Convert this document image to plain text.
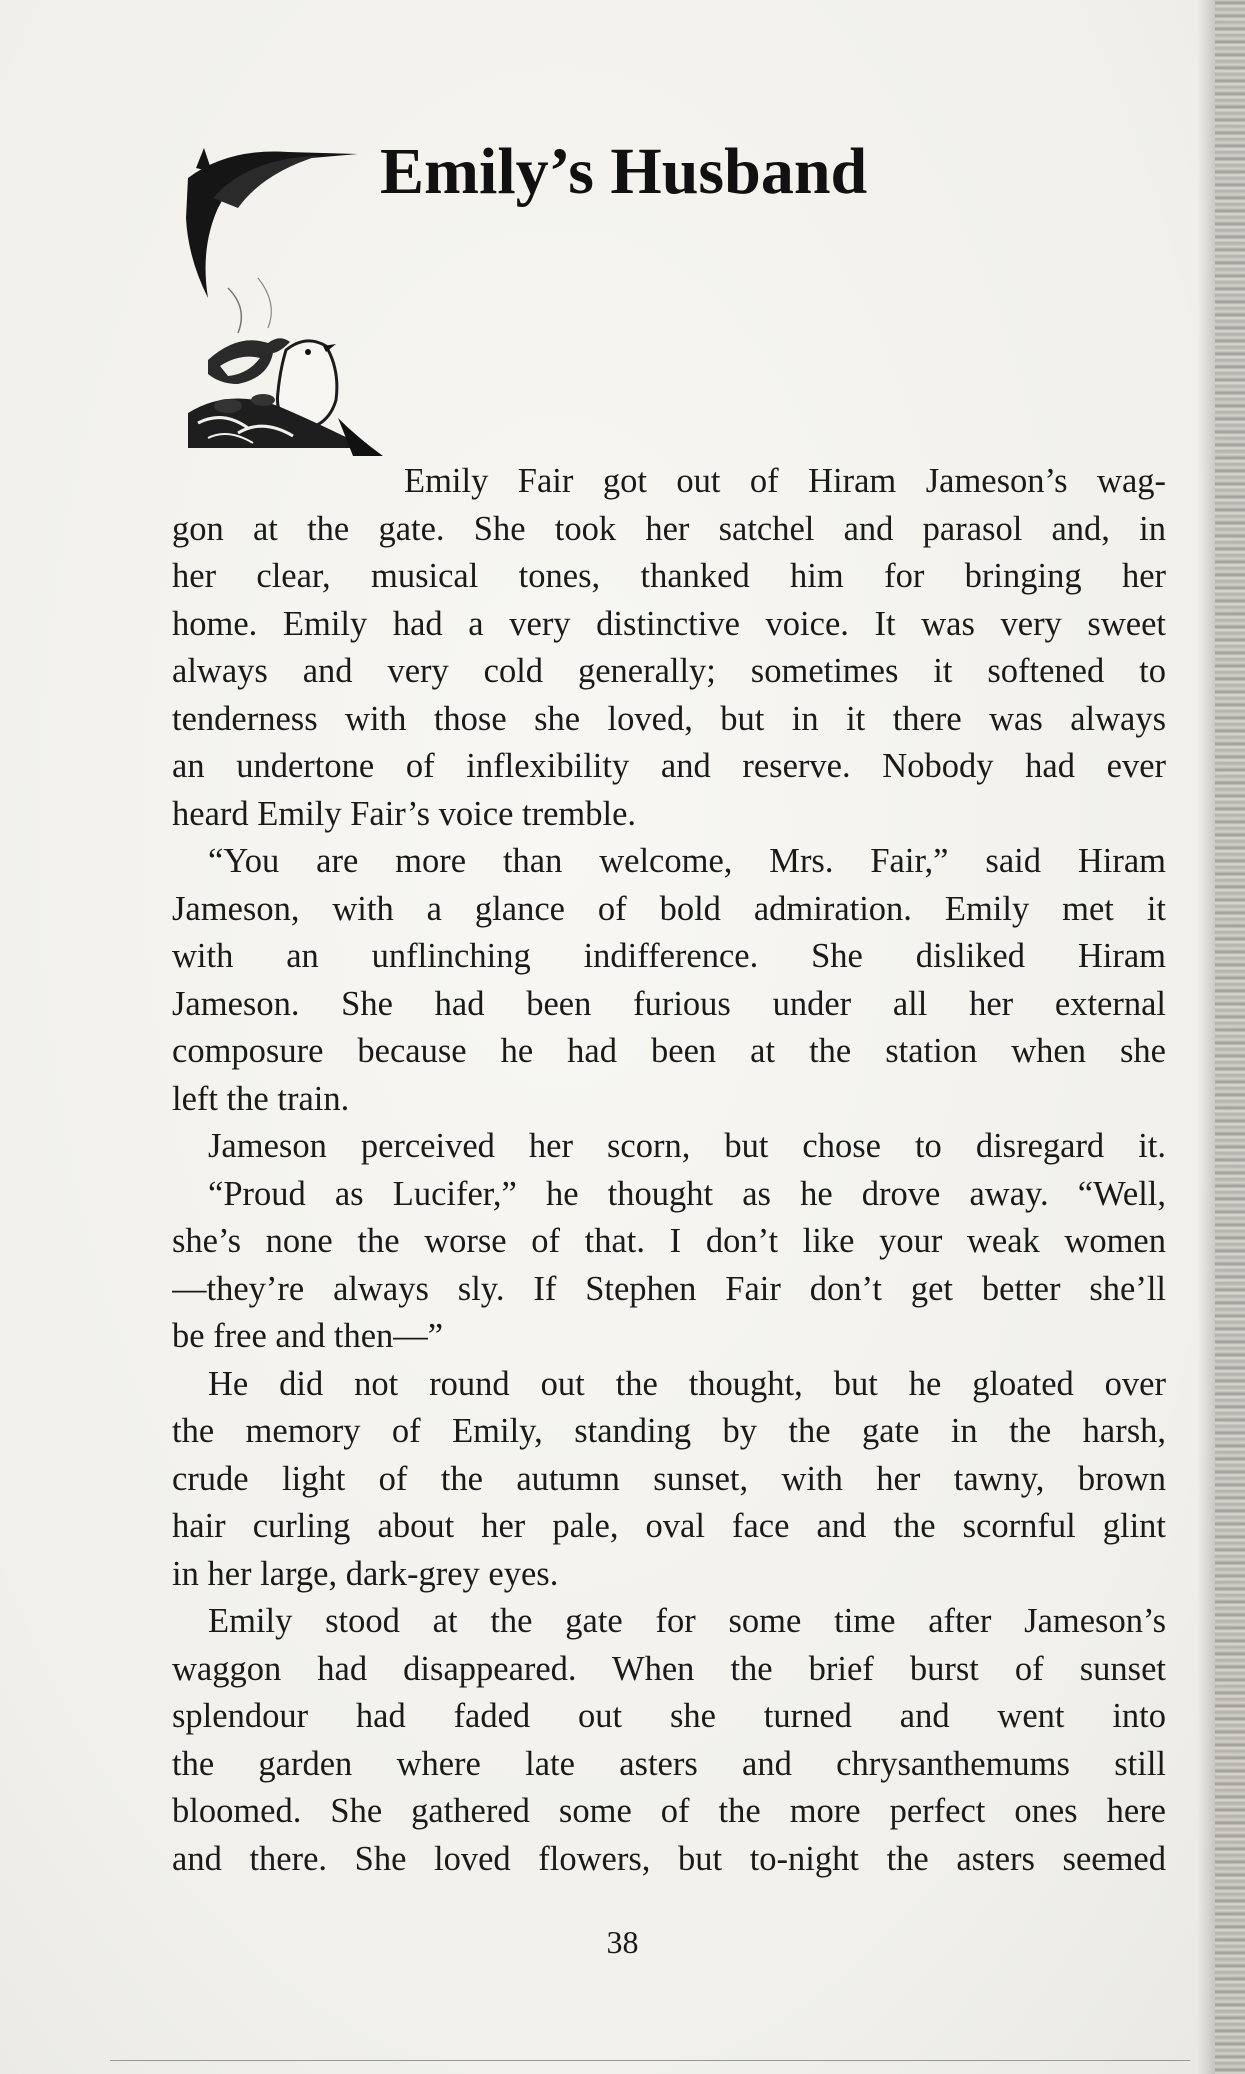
Emily’s Husband
Emily Fair got out of Hiram Jameson’s wag-
gon at the gate. She took her satchel and parasol and, in
her clear, musical tones, thanked him for bringing her
home. Emily had a very distinctive voice. It was very sweet
always and very cold generally; sometimes it softened to
tenderness with those she loved, but in it there was always
an undertone of inflexibility and reserve. Nobody had ever
heard Emily Fair’s voice tremble.
“You are more than welcome, Mrs. Fair,” said Hiram
Jameson, with a glance of bold admiration. Emily met it
with an unflinching indifference. She disliked Hiram
Jameson. She had been furious under all her external
composure because he had been at the station when she
left the train.
Jameson perceived her scorn, but chose to disregard it.
“Proud as Lucifer,” he thought as he drove away. “Well,
she’s none the worse of that. I don’t like your weak women
—they’re always sly. If Stephen Fair don’t get better she’ll
be free and then—”
He did not round out the thought, but he gloated over
the memory of Emily, standing by the gate in the harsh,
crude light of the autumn sunset, with her tawny, brown
hair curling about her pale, oval face and the scornful glint
in her large, dark-grey eyes.
Emily stood at the gate for some time after Jameson’s
waggon had disappeared. When the brief burst of sunset
splendour had faded out she turned and went into
the garden where late asters and chrysanthemums still
bloomed. She gathered some of the more perfect ones here
and there. She loved flowers, but to-night the asters seemed
38
